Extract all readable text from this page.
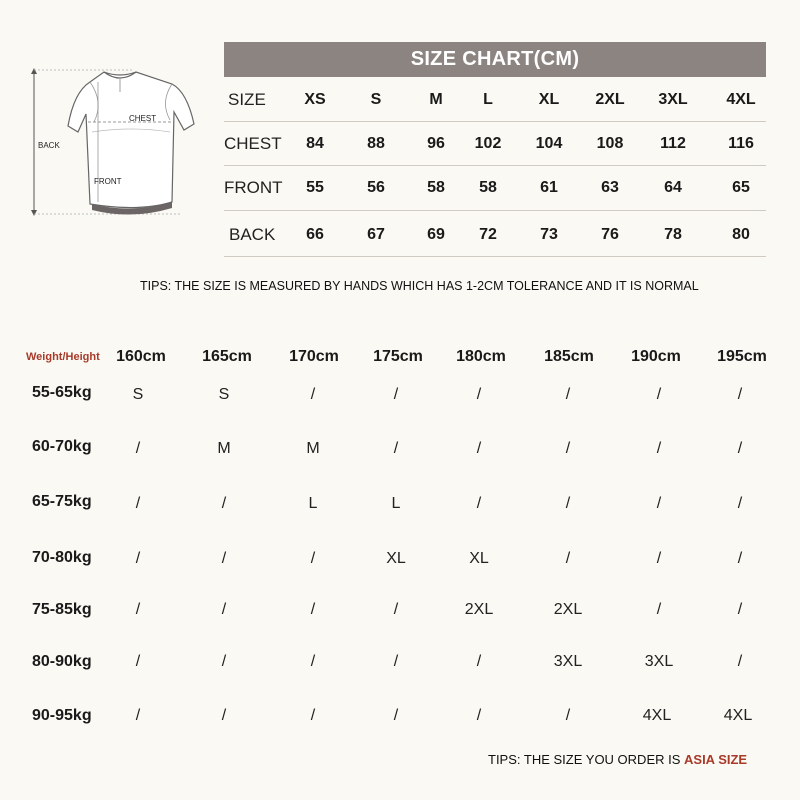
BACK
CHEST
FRONT
SIZE CHART(CM)
SIZE	XS	S	M	L	XL	2XL	3XL	4XL
CHEST	84	88	96	102	104	108	112	116
FRONT	55	56	58	58	61	63	64	65
BACK	66	67	69	72	73	76	78	80
TIPS: THE SIZE IS MEASURED BY HANDS WHICH HAS 1-2CM TOLERANCE AND IT IS NORMAL
Weight/Height	160cm	165cm	170cm	175cm	180cm	185cm	190cm	195cm
55-65kg	S	S	/	/	/	/	/	/
60-70kg	/	M	M	/	/	/	/	/
65-75kg	/	/	L	L	/	/	/	/
70-80kg	/	/	/	XL	XL	/	/	/
75-85kg	/	/	/	/	2XL	2XL	/	/
80-90kg	/	/	/	/	/	3XL	3XL	/
90-95kg	/	/	/	/	/	/	4XL	4XL
TIPS: THE SIZE YOU ORDER IS ASIA SIZE
